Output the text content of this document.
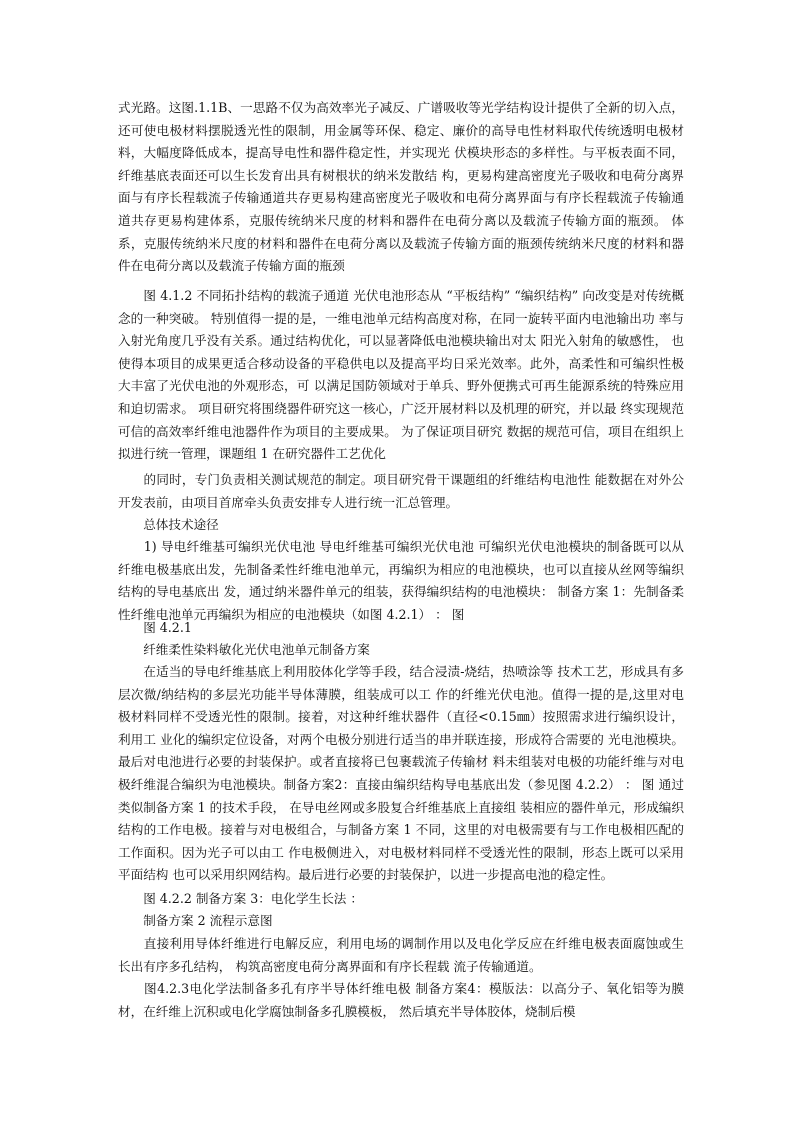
式光路。这图.1.1B、一思路不仅为高效率光子减反、广谱吸收等光学结构设计提供了全新的切入点， 还可使电极材料摆脱透光性的限制，用金属等环保、稳定、廉价的高导电性材料取代传统透明电极材料，大幅度降低成本，提高导电性和器件稳定性，并实现光 伏模块形态的多样性。与平板表面不同， 纤维基底表面还可以生长发育出具有树根状的纳米发散结 构，更易构建高密度光子吸收和电荷分离界面与有序长程载流子传输通道共存更易构建高密度光子吸收和电荷分离界面与有序长程载流子传输通道共存更易构建体系，克服传统纳米尺度的材料和器件在电荷分离以及载流子传输方面的瓶颈。 体系，克服传统纳米尺度的材料和器件在电荷分离以及载流子传输方面的瓶颈传统纳米尺度的材料和器件在电荷分离以及载流子传输方面的瓶颈

　　图 4.1.2 不同拓扑结构的载流子通道 光伏电池形态从 “平板结构” “编织结构” 向改变是对传统概念的一种突破。 特别值得一提的是，一维电池单元结构高度对称，在同一旋转平面内电池输出功 率与入射光角度几乎没有关系。通过结构优化，可以显著降低电池模块输出对太 阳光入射角的敏感性， 也使得本项目的成果更适合移动设备的平稳供电以及提高平均日采光效率。此外，高柔性和可编织性极大丰富了光伏电池的外观形态，可 以满足国防领域对于单兵、野外便携式可再生能源系统的特殊应用和迫切需求。 项目研究将围绕器件研究这一核心，广泛开展材料以及机理的研究，并以最 终实现规范可信的高效率纤维电池器件作为项目的主要成果。 为了保证项目研究 数据的规范可信，项目在组织上拟进行统一管理，课题组 1 在研究器件工艺优化

　　的同时，专门负责相关测试规范的制定。项目研究骨干课题组的纤维结构电池性 能数据在对外公开发表前，由项目首席牵头负责安排专人进行统一汇总管理。

　　总体技术途径

　　1) 导电纤维基可编织光伏电池 导电纤维基可编织光伏电池 可编织光伏电池模块的制备既可以从纤维电极基底出发，先制备柔性纤维电池单元，再编织为相应的电池模块，也可以直接从丝网等编织结构的导电基底出 发，通过纳米器件单元的组装，获得编织结构的电池模块： 制备方案 1：先制备柔性纤维电池单元再编织为相应的电池模块（如图 4.2.1） ： 图

　　图 4.2.1

　　纤维柔性染料敏化光伏电池单元制备方案

　　在适当的导电纤维基底上利用胶体化学等手段，结合浸渍-烧结，热喷涂等 技术工艺，形成具有多层次微/纳结构的多层光功能半导体薄膜，组装成可以工 作的纤维光伏电池。值得一提的是,这里对电极材料同样不受透光性的限制。接着，对这种纤维状器件（直径<0.15㎜）按照需求进行编织设计，利用工 业化的编织定位设备，对两个电极分别进行适当的串并联连接，形成符合需要的 光电池模块。最后对电池进行必要的封装保护。或者直接将已包裹载流子传输材 料未组装对电极的功能纤维与对电极纤维混合编织为电池模块。制备方案2：直接由编织结构导电基底出发（参见图 4.2.2） ： 图 通过类似制备方案 1 的技术手段， 在导电丝网或多股复合纤维基底上直接组 装相应的器件单元，形成编织结构的工作电极。接着与对电极组合，与制备方案 1 不同，这里的对电极需要有与工作电极相匹配的工作面积。因为光子可以由工 作电极侧进入，对电极材料同样不受透光性的限制，形态上既可以采用平面结构 也可以采用织网结构。最后进行必要的封装保护，以进一步提高电池的稳定性。

　　图 4.2.2 制备方案 3：电化学生长法 ：

　　制备方案 2 流程示意图

　　直接利用导体纤维进行电解反应，利用电场的调制作用以及电化学反应在纤维电极表面腐蚀或生长出有序多孔结构， 构筑高密度电荷分离界面和有序长程载 流子传输通道。

　　图4.2.3电化学法制备多孔有序半导体纤维电极 制备方案4：模版法：以高分子、氧化铝等为膜材，在纤维上沉积或电化学腐蚀制备多孔膜模板， 然后填充半导体胶体，烧制后模
